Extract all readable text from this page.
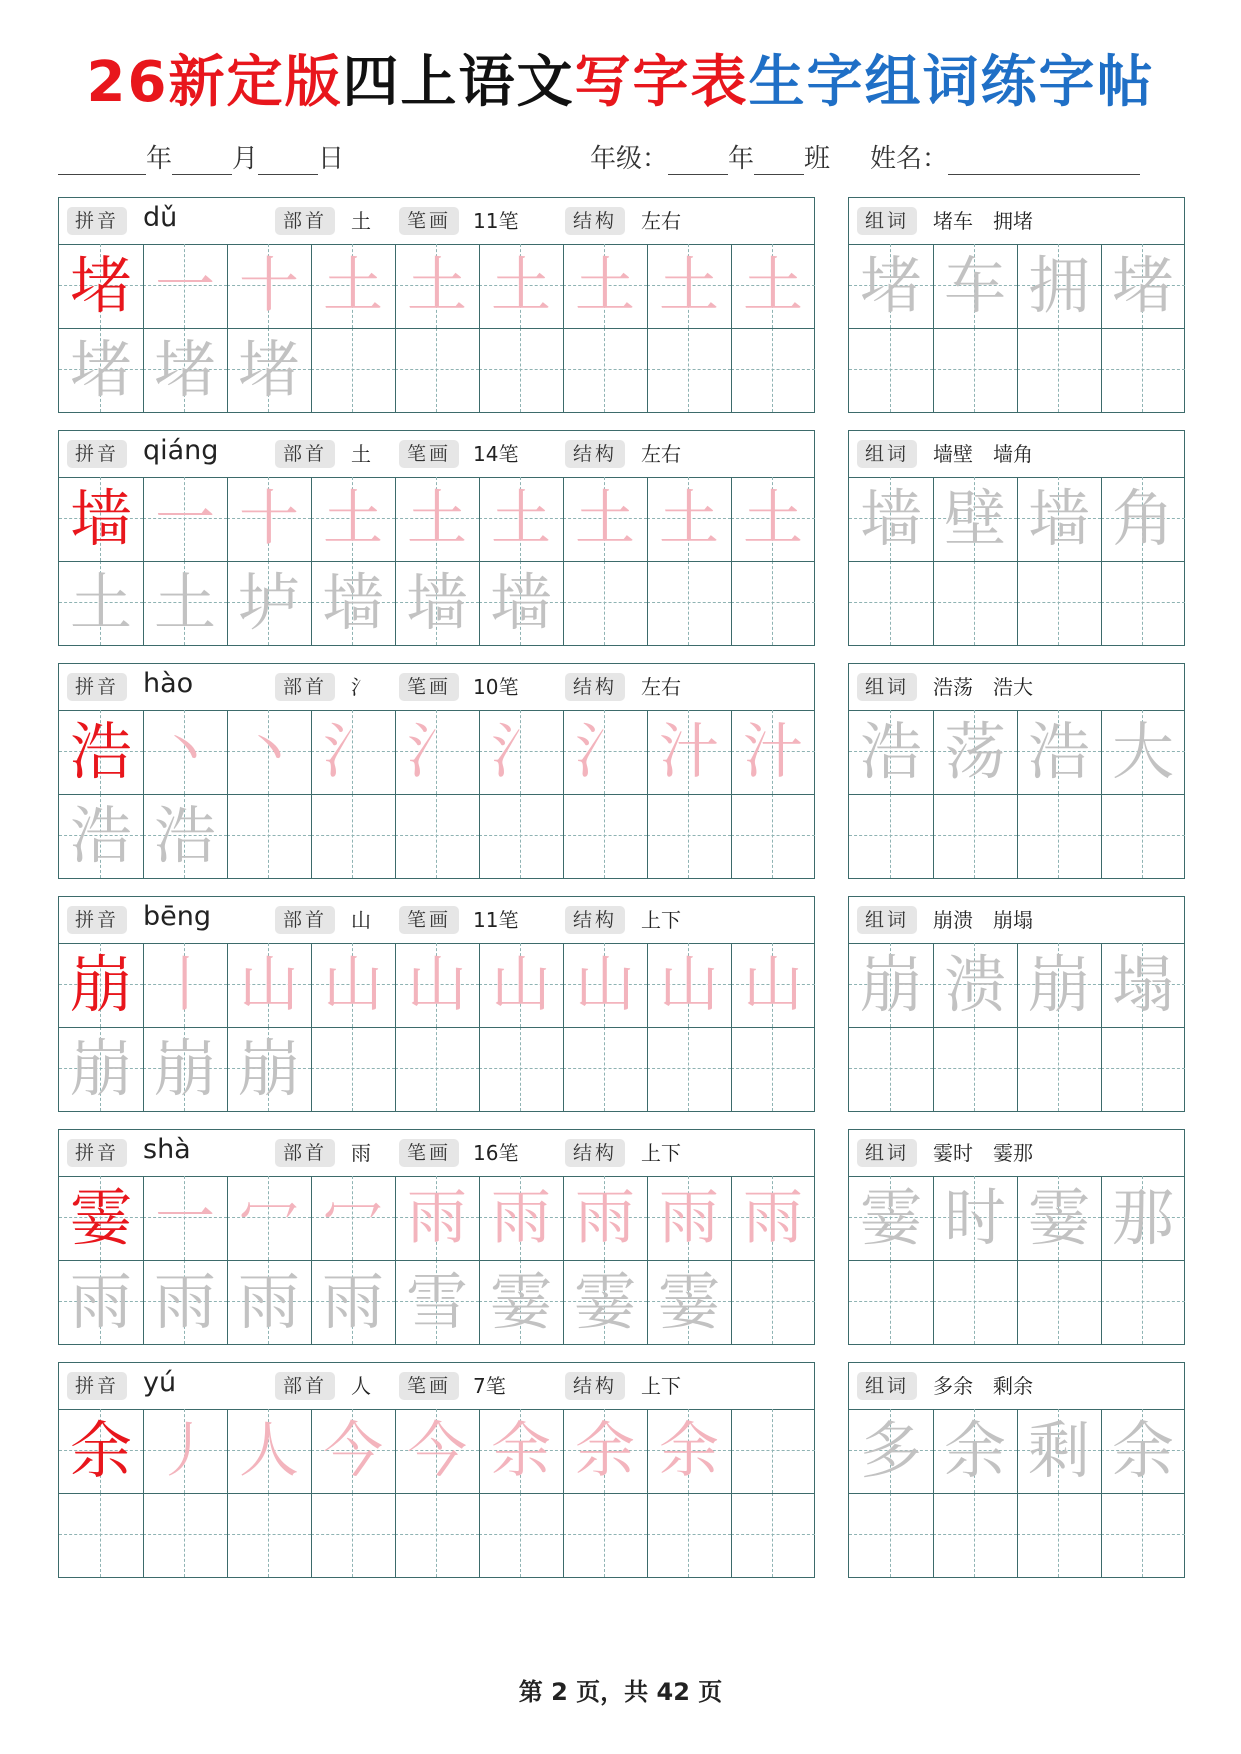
26新定版四上语文写字表生字组词练字帖
年 月 日	年级： 年 班 姓名：
拼音 dǔ	部首	土	笔画	11笔	结构	左右
堵 一 十 土 土 土 土 土 土
堵 堵 堵
组词	堵车　拥堵
堵 车 拥 堵
拼音 qiáng	部首	土	笔画	14笔	结构	左右
墙 一 十 土 土 土 土 土 土
土 土 垆 墙 墙 墙
组词	墙壁　墙角
墙 壁 墙 角
拼音 hào	部首	氵	笔画	10笔	结构	左右
浩 丶 丶 氵 氵 氵 氵 汁 汁
浩 浩
组词	浩荡　浩大
浩 荡 浩 大
拼音 bēng	部首	山	笔画	11笔	结构	上下
崩 丨 山 山 山 山 山 山 山
崩 崩 崩
组词	崩溃　崩塌
崩 溃 崩 塌
拼音 shà	部首	雨	笔画	16笔	结构	上下
霎 一 冖 冖 雨 雨 雨 雨 雨
雨 雨 雨 雨 雪 霎 霎 霎
组词	霎时　霎那
霎 时 霎 那
拼音 yú	部首	人	笔画	7笔	结构	上下
余 丿 人 今 今 余 余 余
组词	多余　剩余
多 余 剩 余
第 2 页，共 42 页
